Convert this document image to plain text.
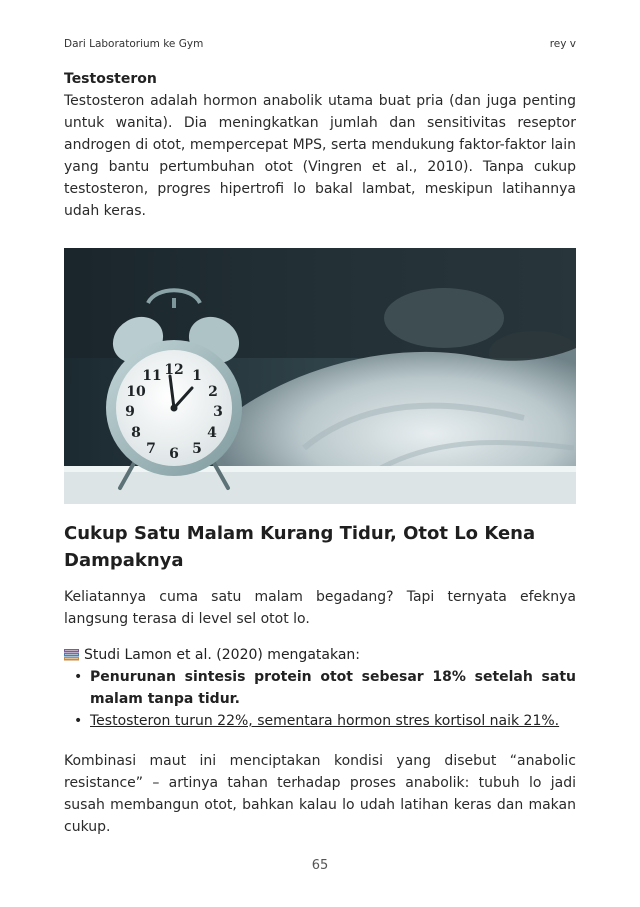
Dari Laboratorium ke Gym	rey v

Testosteron

Testosteron adalah hormon anabolik utama buat pria (dan juga penting untuk wanita). Dia meningkatkan jumlah dan sensitivitas reseptor androgen di otot, mempercepat MPS, serta mendukung faktor-faktor lain yang bantu pertumbuhan otot (Vingren et al., 2010). Tanpa cukup testosteron, progres hipertrofi lo bakal lambat, meskipun latihannya udah keras.

12 1
2
3
4
5
6
7
8
9
10
11
Cukup Satu Malam Kurang Tidur, Otot Lo Kena Dampaknya

Keliatannya cuma satu malam begadang? Tapi ternyata efeknya langsung terasa di level sel otot lo.

Studi Lamon et al. (2020) mengatakan:
• Penurunan sintesis protein otot sebesar 18% setelah satu malam tanpa tidur.
• Testosteron turun 22%, sementara hormon stres kortisol naik 21%.

Kombinasi maut ini menciptakan kondisi yang disebut “anabolic resistance” – artinya tahan terhadap proses anabolik: tubuh lo jadi susah membangun otot, bahkan kalau lo udah latihan keras dan makan cukup.

65
